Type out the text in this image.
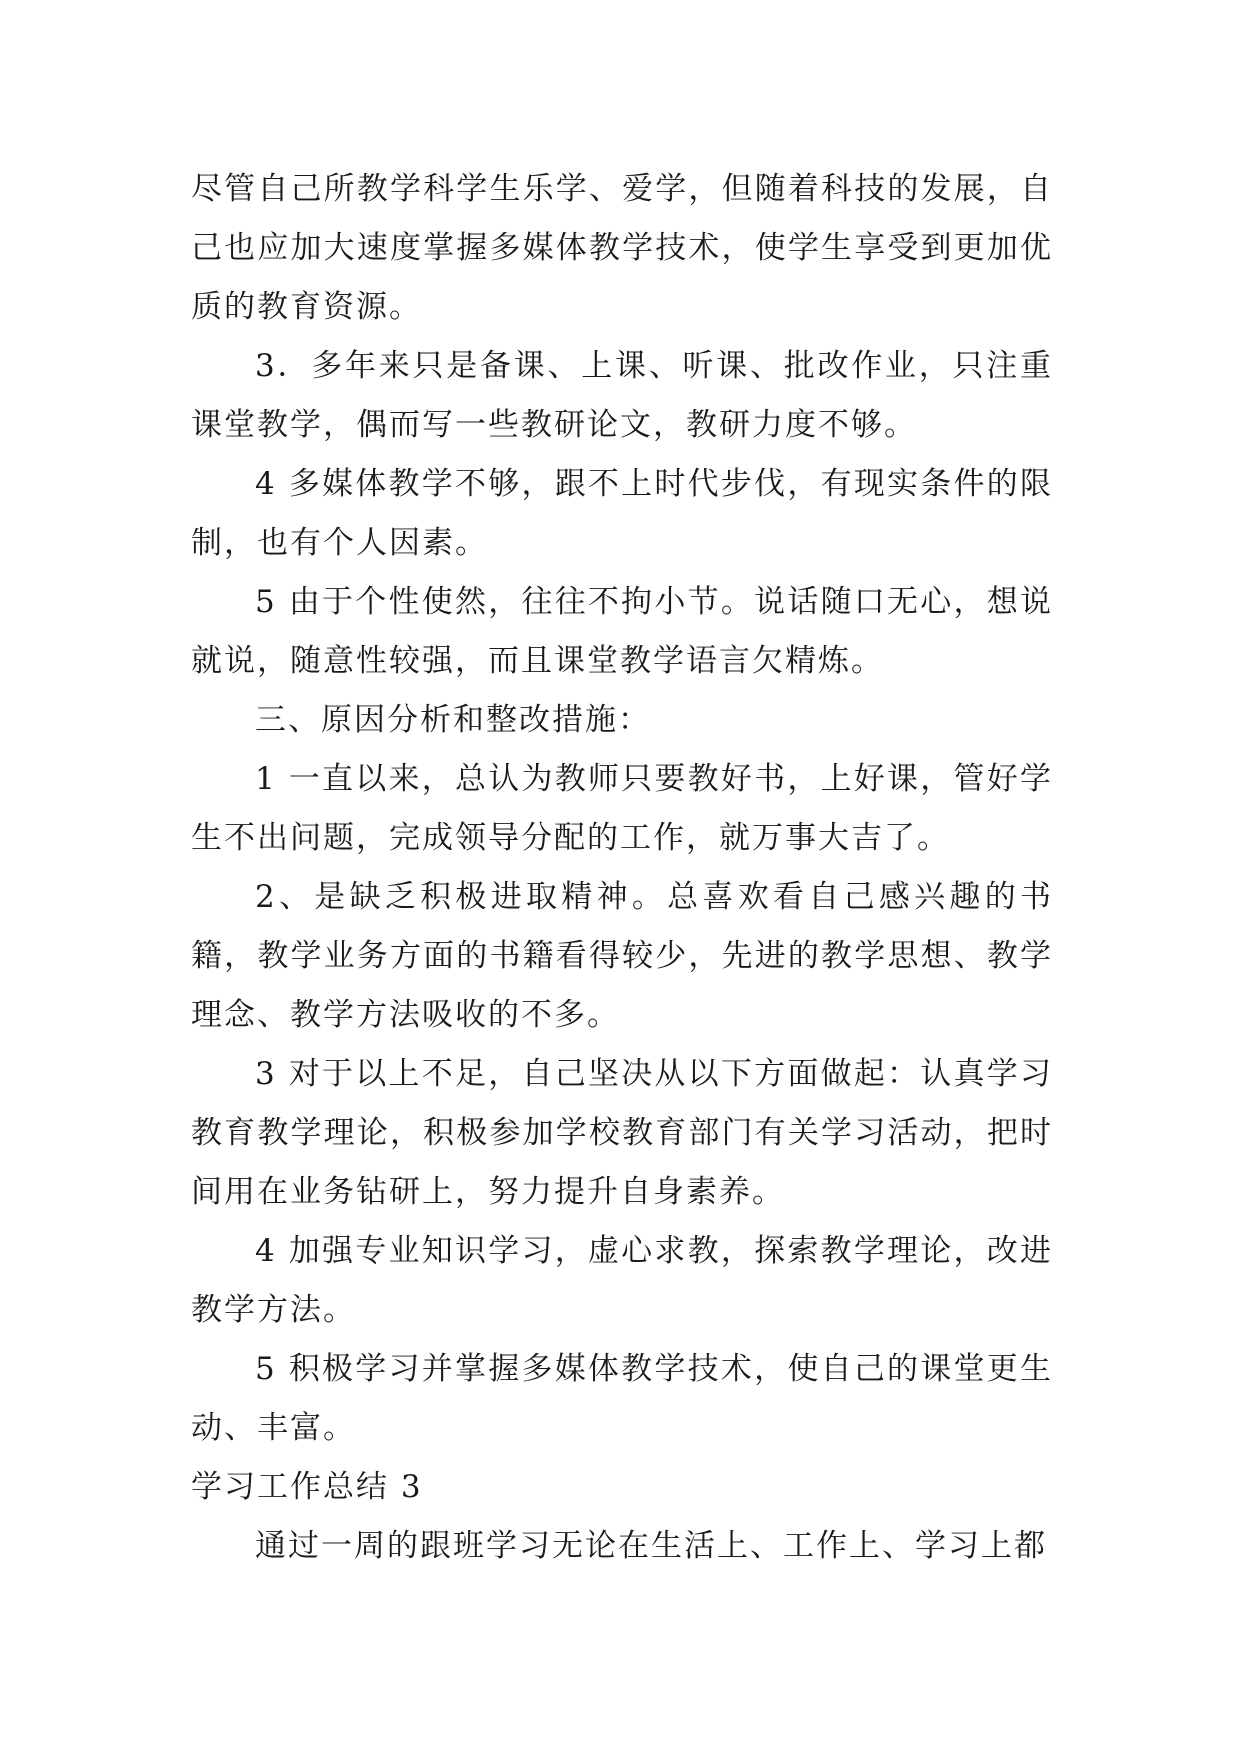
尽管自己所教学科学生乐学、爱学，但随着科技的发展，自己也应加大速度掌握多媒体教学技术，使学生享受到更加优质的教育资源。

3．多年来只是备课、上课、听课、批改作业，只注重课堂教学，偶而写一些教研论文，教研力度不够。

4 多媒体教学不够，跟不上时代步伐，有现实条件的限制，也有个人因素。

5 由于个性使然，往往不拘小节。说话随口无心，想说就说，随意性较强，而且课堂教学语言欠精炼。

三、原因分析和整改措施：

1 一直以来，总认为教师只要教好书，上好课，管好学生不出问题，完成领导分配的工作，就万事大吉了。

2、是缺乏积极进取精神。总喜欢看自己感兴趣的书籍，教学业务方面的书籍看得较少，先进的教学思想、教学理念、教学方法吸收的不多。

3 对于以上不足，自己坚决从以下方面做起：认真学习教育教学理论，积极参加学校教育部门有关学习活动，把时间用在业务钻研上，努力提升自身素养。

4 加强专业知识学习，虚心求教，探索教学理论，改进教学方法。

5 积极学习并掌握多媒体教学技术，使自己的课堂更生动、丰富。

学习工作总结 3

通过一周的跟班学习无论在生活上、工作上、学习上都
